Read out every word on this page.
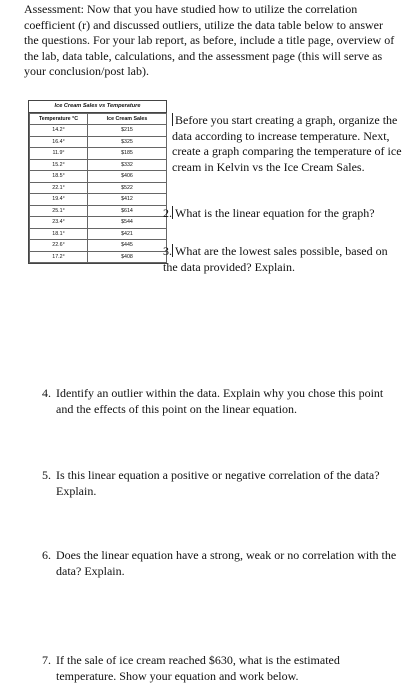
Assessment: Now that you have studied how to utilize the correlation coefficient (r) and discussed outliers, utilize the data table below to answer the questions. For your lab report, as before, include a title page, overview of the lab, data table, calculations, and the assessment page (this will serve as your conclusion/post lab).
Ice Cream Sales vs Temperature
Temperature °C	Ice Cream Sales
14.2°	$215
16.4°	$325
11.9°	$185
15.2°	$332
18.5°	$406
22.1°	$522
19.4°	$412
25.1°	$614
23.4°	$544
18.1°	$421
22.6°	$445
17.2°	$408
Before you start creating a graph, organize the data according to increase temperature. Next, create a graph comparing the temperature of ice cream in Kelvin vs the Ice Cream Sales.
2. What is the linear equation for the graph?
3. What are the lowest sales possible, based on the data provided? Explain.
4. Identify an outlier within the data. Explain why you chose this point and the effects of this point on the linear equation.
5. Is this linear equation a positive or negative correlation of the data? Explain.
6. Does the linear equation have a strong, weak or no correlation with the data? Explain.
7. If the sale of ice cream reached $630, what is the estimated temperature. Show your equation and work below.
